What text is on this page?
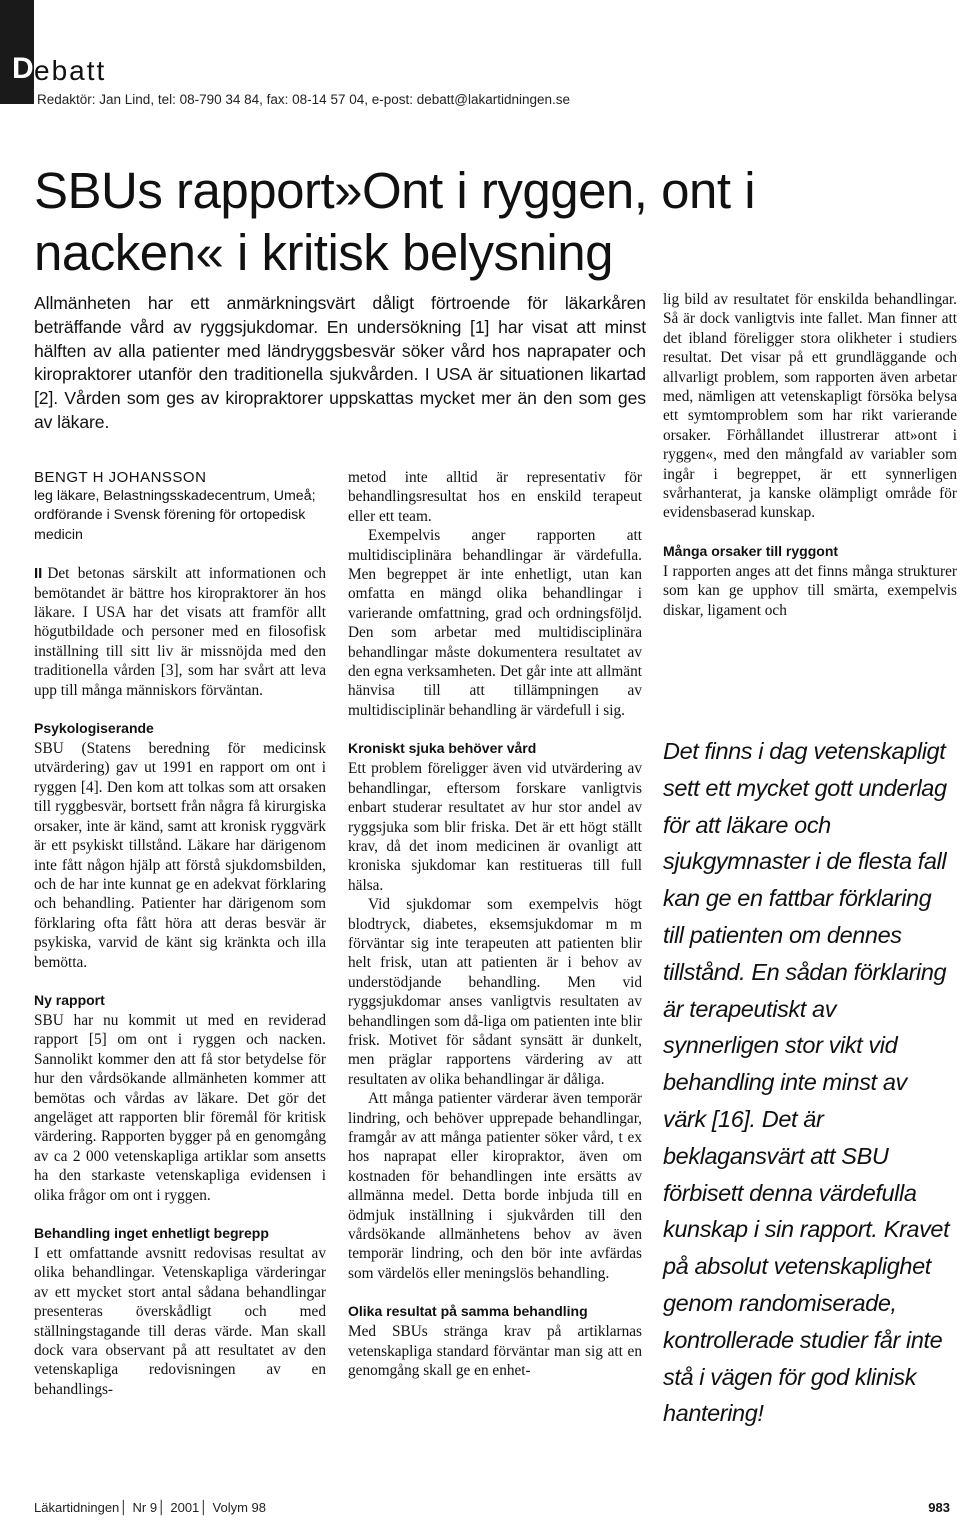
D ebatt
Redaktör: Jan Lind, tel: 08-790 34 84, fax: 08-14 57 04, e-post: debatt@lakartidningen.se
SBUs rapport»Ont i ryggen, ont i
nacken« i kritisk belysning

Allmänheten har ett anmärkningsvärt dåligt förtroende för läkarkåren beträffande vård av ryggsjukdomar. En undersökning [1] har visat att minst hälften av alla patienter med ländryggsbesvär söker vård hos naprapater och kiropraktorer utanför den traditionella sjukvården. I USA är situationen likartad [2]. Vården som ges av kiropraktorer uppskattas mycket mer än den som ges av läkare.

BENGT H JOHANSSON

leg läkare, Belastningsskadecentrum, Umeå; ordförande i Svensk förening för ortopedisk medicin

II Det betonas särskilt att informationen och bemötandet är bättre hos kiropraktorer än hos läkare. I USA har det visats att framför allt högutbildade och personer med en filosofisk inställning till sitt liv är missnöjda med den traditionella vården [3], som har svårt att leva upp till många människors förväntan.

Psykologiserande

SBU (Statens beredning för medicinsk utvärdering) gav ut 1991 en rapport om ont i ryggen [4]. Den kom att tolkas som att orsaken till ryggbesvär, bortsett från några få kirurgiska orsaker, inte är känd, samt att kronisk ryggvärk är ett psykiskt tillstånd. Läkare har därigenom inte fått någon hjälp att förstå sjukdomsbilden, och de har inte kunnat ge en adekvat förklaring och behandling. Patienter har därigenom som förklaring ofta fått höra att deras besvär är psykiska, varvid de känt sig kränkta och illa bemötta.

Ny rapport

SBU har nu kommit ut med en reviderad rapport [5] om ont i ryggen och nacken. Sannolikt kommer den att få stor betydelse för hur den vårdsökande allmänheten kommer att bemötas och vårdas av läkare. Det gör det angeläget att rapporten blir föremål för kritisk värdering. Rapporten bygger på en genomgång av ca 2 000 vetenskapliga artiklar som ansetts ha den starkaste vetenskapliga evidensen i olika frågor om ont i ryggen.

Behandling inget enhetligt begrepp

I ett omfattande avsnitt redovisas resultat av olika behandlingar. Vetenskapliga värderingar av ett mycket stort antal sådana behandlingar presenteras överskådligt och med ställningstagande till deras värde. Man skall dock vara observant på att resultatet av den vetenskapliga redovisningen av en behandlings-

metod inte alltid är representativ för behandlingsresultat hos en enskild terapeut eller ett team.

Exempelvis anger rapporten att multidisciplinära behandlingar är värdefulla. Men begreppet är inte enhetligt, utan kan omfatta en mängd olika behandlingar i varierande omfattning, grad och ordningsföljd. Den som arbetar med multidisciplinära behandlingar måste dokumentera resultatet av den egna verksamheten. Det går inte att allmänt hänvisa till att tillämpningen av multidisciplinär behandling är värdefull i sig.

Kroniskt sjuka behöver vård

Ett problem föreligger även vid utvärdering av behandlingar, eftersom forskare vanligtvis enbart studerar resultatet av hur stor andel av ryggsjuka som blir friska. Det är ett högt ställt krav, då det inom medicinen är ovanligt att kroniska sjukdomar kan restitueras till full hälsa.

Vid sjukdomar som exempelvis högt blodtryck, diabetes, eksemsjukdomar m m förväntar sig inte terapeuten att patienten blir helt frisk, utan att patienten är i behov av understödjande behandling. Men vid ryggsjukdomar anses vanligtvis resultaten av behandlingen som då-liga om patienten inte blir frisk. Motivet för sådant synsätt är dunkelt, men präglar rapportens värdering av att resultaten av olika behandlingar är dåliga.

Att många patienter värderar även temporär lindring, och behöver upprepade behandlingar, framgår av att många patienter söker vård, t ex hos naprapat eller kiropraktor, även om kostnaden för behandlingen inte ersätts av allmänna medel. Detta borde inbjuda till en ödmjuk inställning i sjukvården till den vårdsökande allmänhetens behov av även temporär lindring, och den bör inte avfärdas som värdelös eller meningslös behandling.

Olika resultat på samma behandling

Med SBUs stränga krav på artiklarnas vetenskapliga standard förväntar man sig att en genomgång skall ge en enhet-

lig bild av resultatet för enskilda behandlingar. Så är dock vanligtvis inte fallet. Man finner att det ibland föreligger stora olikheter i studiers resultat. Det visar på ett grundläggande och allvarligt problem, som rapporten även arbetar med, nämligen att vetenskapligt försöka belysa ett symtomproblem som har rikt varierande orsaker. Förhållandet illustrerar att»ont i ryggen«, med den mångfald av variabler som ingår i begreppet, är ett synnerligen svårhanterat, ja kanske olämpligt område för evidensbaserad kunskap.

Många orsaker till ryggont

I rapporten anges att det finns många strukturer som kan ge upphov till smärta, exempelvis diskar, ligament och

Det finns i dag vetenskapligt sett ett mycket gott underlag för att läkare och sjukgymnaster i de flesta fall kan ge en fattbar förklaring till patienten om dennes tillstånd. En sådan förklaring är terapeutiskt av synnerligen stor vikt vid behandling inte minst av värk [16]. Det är beklagansvärt att SBU förbisett denna värdefulla kunskap i sin rapport. Kravet på absolut vetenskaplighet genom randomiserade, kontrollerade studier får inte stå i vägen för god klinisk hantering!

Läkartidningen ▏ Nr 9 ▏ 2001 ▏ Volym 98	983
